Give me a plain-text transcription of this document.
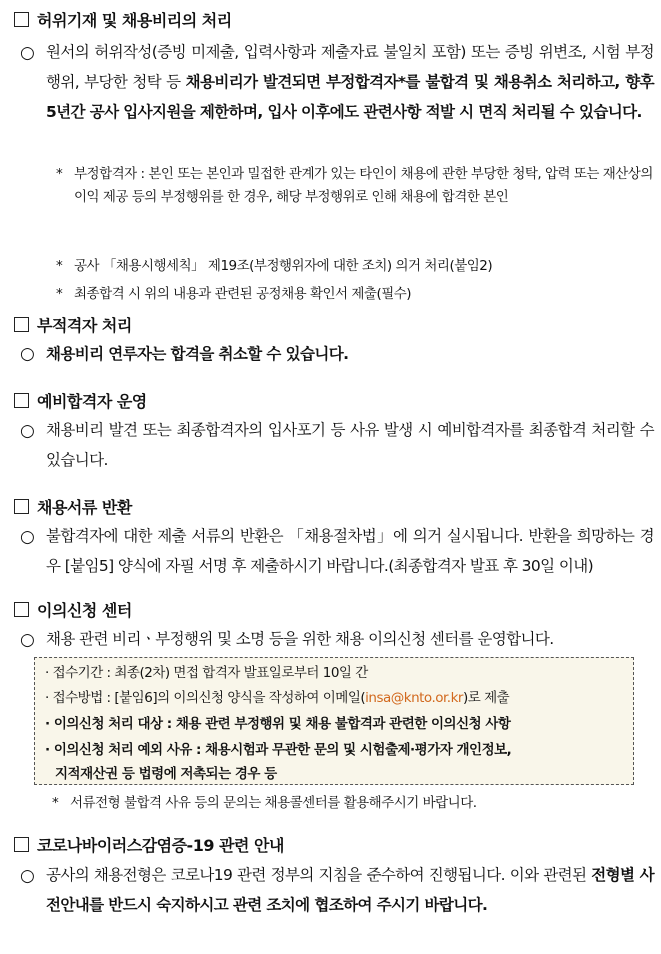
허위기재 및 채용비리의 처리
○ 원서의 허위작성(증빙 미제출, 입력사항과 제출자료 불일치 포함) 또는 증빙 위변조, 시험 부정행위, 부당한 청탁 등 채용비리가 발견되면 부정합격자*를 불합격 및 채용취소 처리하고, 향후 5년간 공사 입사지원을 제한하며, 입사 이후에도 관련사항 적발 시 면직 처리될 수 있습니다.
* 부정합격자 : 본인 또는 본인과 밀접한 관계가 있는 타인이 채용에 관한 부당한 청탁, 압력 또는 재산상의 이익 제공 등의 부정행위를 한 경우, 해당 부정행위로 인해 채용에 합격한 본인
* 공사 「채용시행세칙」 제19조(부정행위자에 대한 조치) 의거 처리(붙임2)
* 최종합격 시 위의 내용과 관련된 공정채용 확인서 제출(필수)
부적격자 처리
○ 채용비리 연루자는 합격을 취소할 수 있습니다.
예비합격자 운영
○ 채용비리 발견 또는 최종합격자의 입사포기 등 사유 발생 시 예비합격자를 최종합격 처리할 수 있습니다.
채용서류 반환
○ 불합격자에 대한 제출 서류의 반환은 「채용절차법」에 의거 실시됩니다. 반환을 희망하는 경우 [붙임5] 양식에 자필 서명 후 제출하시기 바랍니다.(최종합격자 발표 후 30일 이내)
이의신청 센터
○ 채용 관련 비리ㆍ부정행위 및 소명 등을 위한 채용 이의신청 센터를 운영합니다.
· 접수기간 : 최종(2차) 면접 합격자 발표일로부터 10일 간
· 접수방법 : [붙임6]의 이의신청 양식을 작성하여 이메일(insa@knto.or.kr)로 제출
· 이의신청 처리 대상 : 채용 관련 부정행위 및 채용 불합격과 관련한 이의신청 사항
· 이의신청 처리 예외 사유 : 채용시험과 무관한 문의 및 시험출제·평가자 개인정보,
지적재산권 등 법령에 저촉되는 경우 등
* 서류전형 불합격 사유 등의 문의는 채용콜센터를 활용해주시기 바랍니다.
코로나바이러스감염증-19 관련 안내
○ 공사의 채용전형은 코로나19 관련 정부의 지침을 준수하여 진행됩니다. 이와 관련된 전형별 사전안내를 반드시 숙지하시고 관련 조치에 협조하여 주시기 바랍니다.
